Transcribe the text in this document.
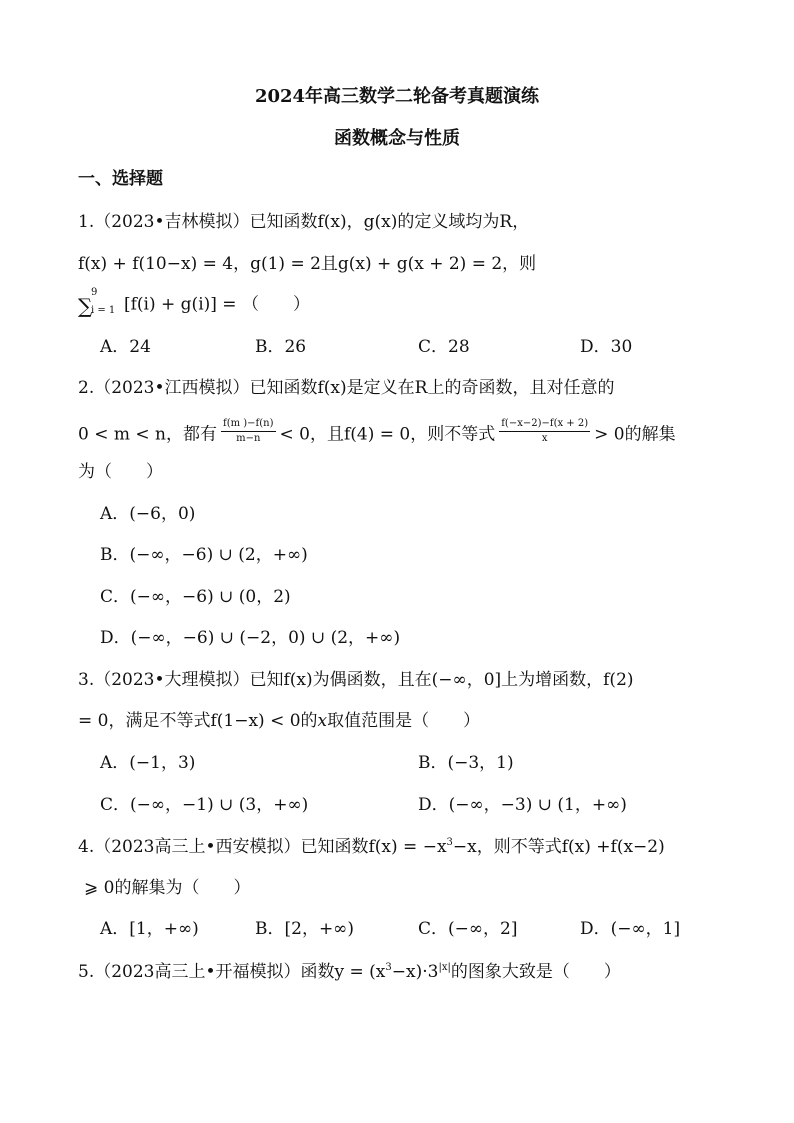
2024年高三数学二轮备考真题演练
函数概念与性质
一、选择题
1.（2023•吉林模拟）已知函数f(x)，g(x)的定义域均为R，
f(x) + f(10−x) = 4，g(1) = 2且g(x) + g(x + 2) = 2，则
∑
9
i = 1 [f(i) + g(i)] = （　　）
A．24	B．26	C．28	D．30
2.（2023•江西模拟）已知函数f(x)是定义在R上的奇函数，且对任意的
0 < m < n，都有 $\frac{f(m )-f(n)}{m-n} < 0$，且f(4) = 0，则不等式 $\frac{f(-x-2)-f(x + 2)}{x} > 0$的解集
为（　　）
A．(−6，0)
B．(−∞，−6) ∪ (2，+∞)
C．(−∞，−6) ∪ (0，2)
D．(−∞，−6) ∪ (−2，0) ∪ (2，+∞)
3.（2023•大理模拟）已知f(x)为偶函数，且在(−∞，0]上为增函数，f(2)
= 0，满足不等式f(1−x) < 0的x取值范围是（　　）
A．(−1，3)	B．(−3，1)
C．(−∞，−1) ∪ (3，+∞)	D．(−∞，−3) ∪ (1，+∞)
4.（2023高三上•西安模拟）已知函数$f(x) = -x^3-x$，则不等式f(x) +f(x−2)
⩾ 0的解集为（　　）
A．[1，+∞)	B．[2，+∞)	C．(−∞，2]	D．(−∞，1]
5.（2023高三上•开福模拟）函数$y = (x^3-x)\cdot 3^{|x|}$的图象大致是（　　）
